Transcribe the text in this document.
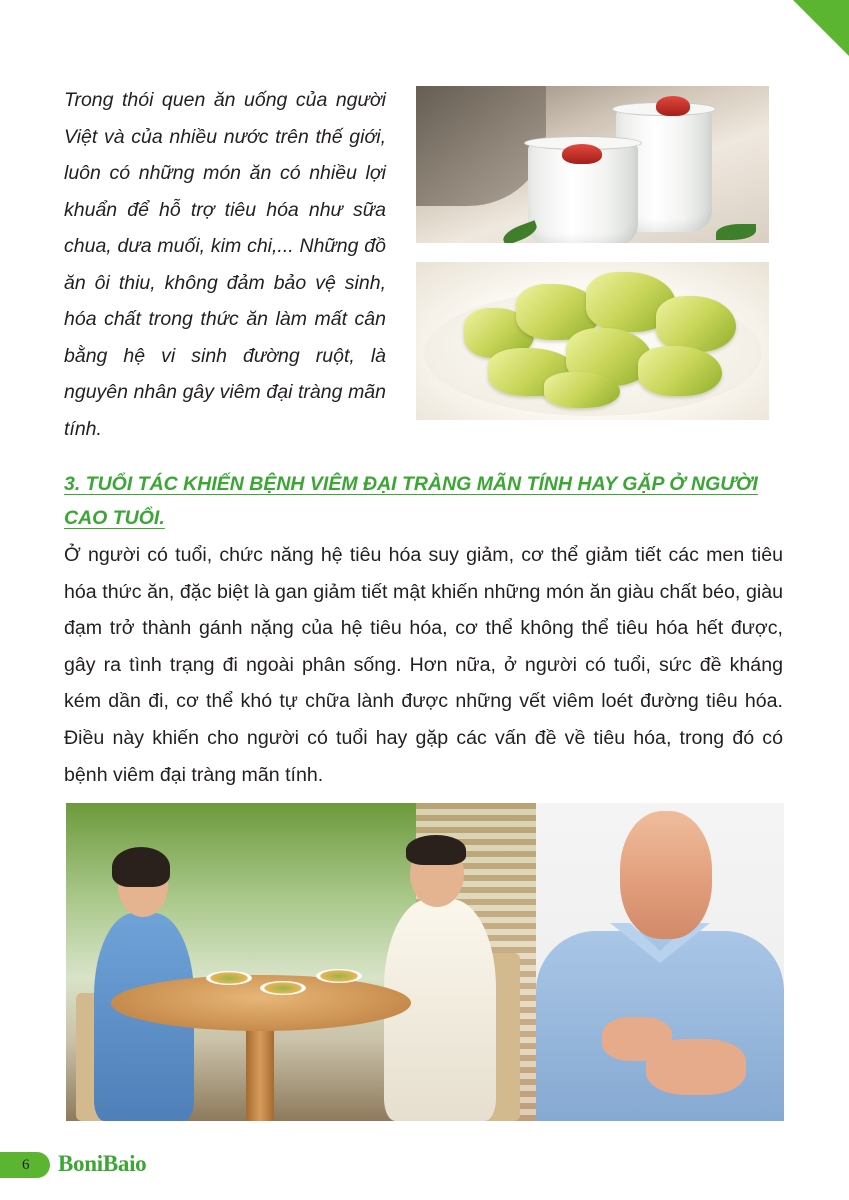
Trong thói quen ăn uống của người Việt và của nhiều nước trên thế giới, luôn có những món ăn có nhiều lợi khuẩn để hỗ trợ tiêu hóa như sữa chua, dưa muối, kim chi,... Những đồ ăn ôi thiu, không đảm bảo vệ sinh, hóa chất trong thức ăn làm mất cân bằng hệ vi sinh đường ruột, là nguyên nhân gây viêm đại tràng mãn tính.

3. TUỔI TÁC KHIẾN BỆNH VIÊM ĐẠI TRÀNG MÃN TÍNH HAY GẶP Ở NGƯỜI CAO TUỔI.

Ở người có tuổi, chức năng hệ tiêu hóa suy giảm, cơ thể giảm tiết các men tiêu hóa thức ăn, đặc biệt là gan giảm tiết mật khiến những món ăn giàu chất béo, giàu đạm trở thành gánh nặng của hệ tiêu hóa, cơ thể không thể tiêu hóa hết được, gây ra tình trạng đi ngoài phân sống. Hơn nữa, ở người có tuổi, sức đề kháng kém dần đi, cơ thể khó tự chữa lành được những vết viêm loét đường tiêu hóa. Điều này khiến cho người có tuổi hay gặp các vấn đề về tiêu hóa, trong đó có bệnh viêm đại tràng mãn tính.

6	BoniBaio
